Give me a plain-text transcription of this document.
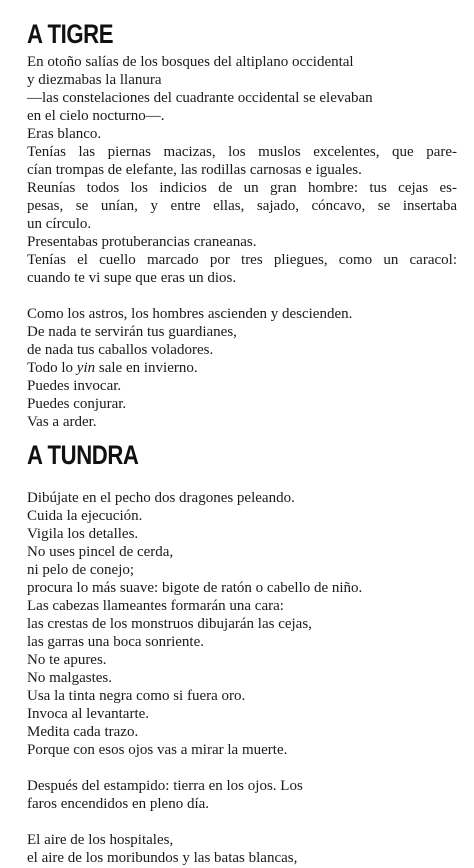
A TIGRE

En otoño salías de los bosques del altiplano occidental

y diezmabas la llanura

—las constelaciones del cuadrante occidental se elevaban

en el cielo nocturno—.

Eras blanco.

Tenías las piernas macizas, los muslos excelentes, que pare-

cían trompas de elefante, las rodillas carnosas e iguales.

Reunías todos los indicios de un gran hombre: tus cejas es-

pesas, se unían, y entre ellas, sajado, cóncavo, se insertaba

un círculo.

Presentabas protuberancias craneanas.

Tenías el cuello marcado por tres pliegues, como un caracol:

cuando te vi supe que eras un dios.

Como los astros, los hombres ascienden y descienden.

De nada te servirán tus guardianes,

de nada tus caballos voladores.

Todo lo yin sale en invierno.

Puedes invocar.

Puedes conjurar.

Vas a arder.

A TUNDRA

Dibújate en el pecho dos dragones peleando.

Cuida la ejecución.

Vigila los detalles.

No uses pincel de cerda,

ni pelo de conejo;

procura lo más suave: bigote de ratón o cabello de niño.

Las cabezas llameantes formarán una cara:

las crestas de los monstruos dibujarán las cejas,

las garras una boca sonriente.

No te apures.

No malgastes.

Usa la tinta negra como si fuera oro.

Invoca al levantarte.

Medita cada trazo.

Porque con esos ojos vas a mirar la muerte.

Después del estampido: tierra en los ojos. Los

faros encendidos en pleno día.

El aire de los hospitales,

el aire de los moribundos y las batas blancas,
